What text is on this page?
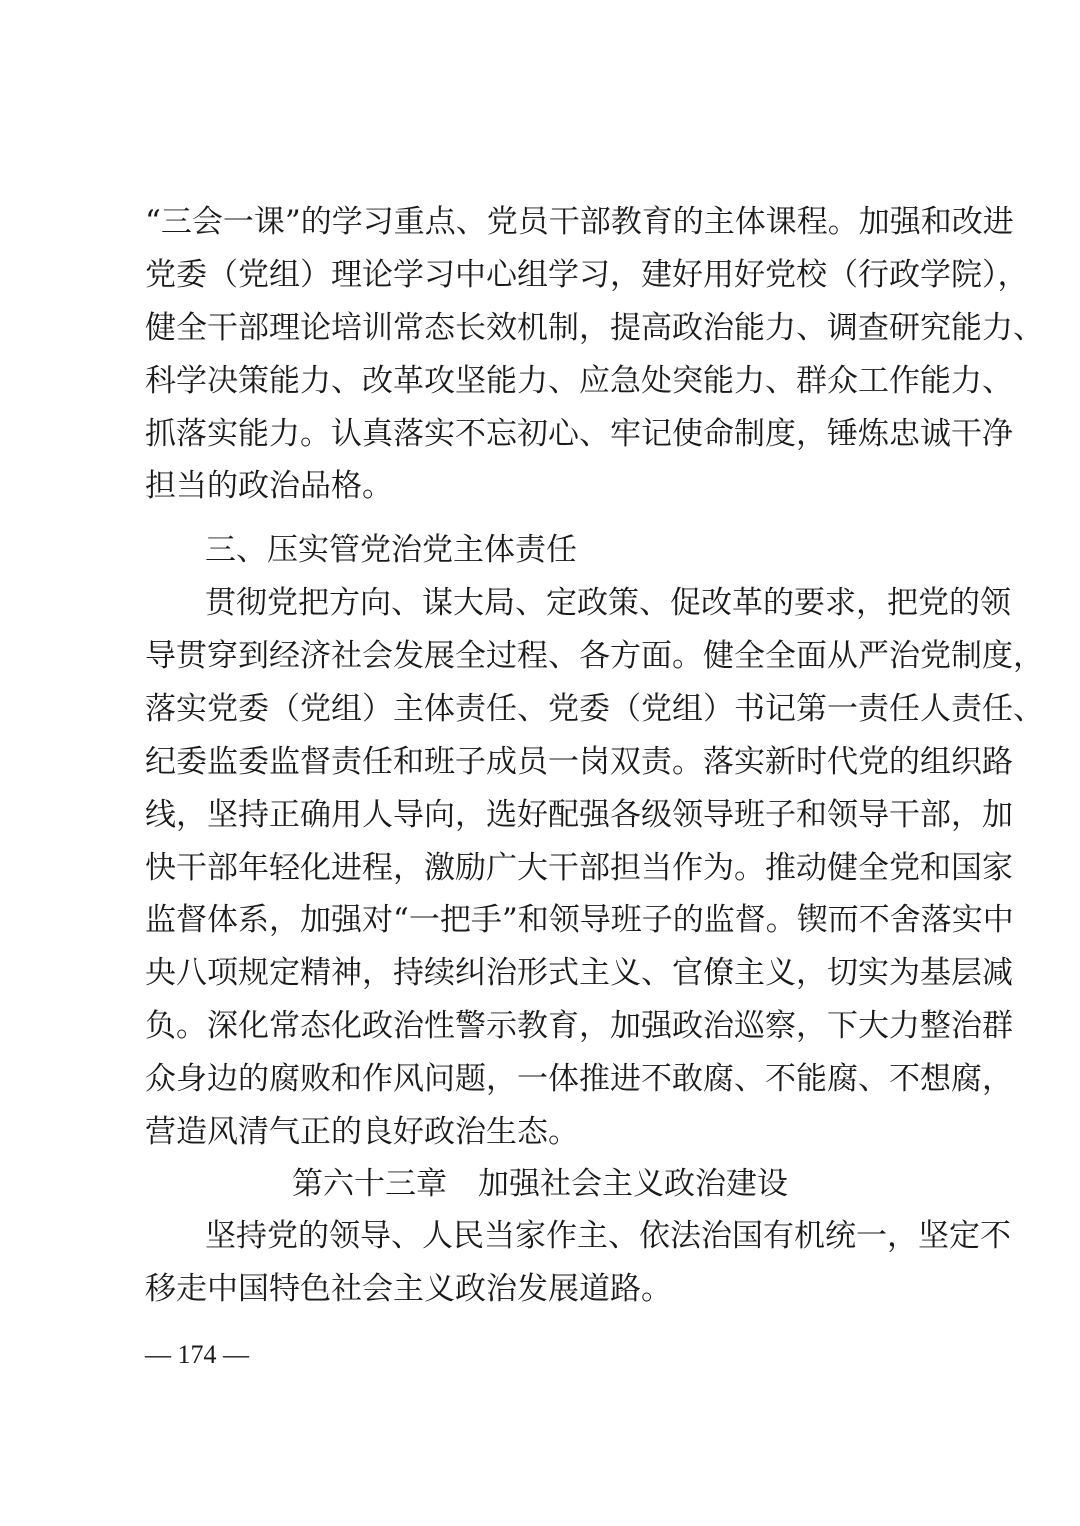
“三会一课”的学习重点、党员干部教育的主体课程。加强和改进
党委（党组）理论学习中心组学习，建好用好党校（行政学院），
健全干部理论培训常态长效机制，提高政治能力、调查研究能力、
科学决策能力、改革攻坚能力、应急处突能力、群众工作能力、
抓落实能力。认真落实不忘初心、牢记使命制度，锤炼忠诚干净
担当的政治品格。
三、压实管党治党主体责任
贯彻党把方向、谋大局、定政策、促改革的要求，把党的领
导贯穿到经济社会发展全过程、各方面。健全全面从严治党制度，
落实党委（党组）主体责任、党委（党组）书记第一责任人责任、
纪委监委监督责任和班子成员一岗双责。落实新时代党的组织路
线，坚持正确用人导向，选好配强各级领导班子和领导干部，加
快干部年轻化进程，激励广大干部担当作为。推动健全党和国家
监督体系，加强对“一把手”和领导班子的监督。锲而不舍落实中
央八项规定精神，持续纠治形式主义、官僚主义，切实为基层减
负。深化常态化政治性警示教育，加强政治巡察，下大力整治群
众身边的腐败和作风问题，一体推进不敢腐、不能腐、不想腐，
营造风清气正的良好政治生态。
第六十三章　加强社会主义政治建设
坚持党的领导、人民当家作主、依法治国有机统一，坚定不
移走中国特色社会主义政治发展道路。
— 174 —
